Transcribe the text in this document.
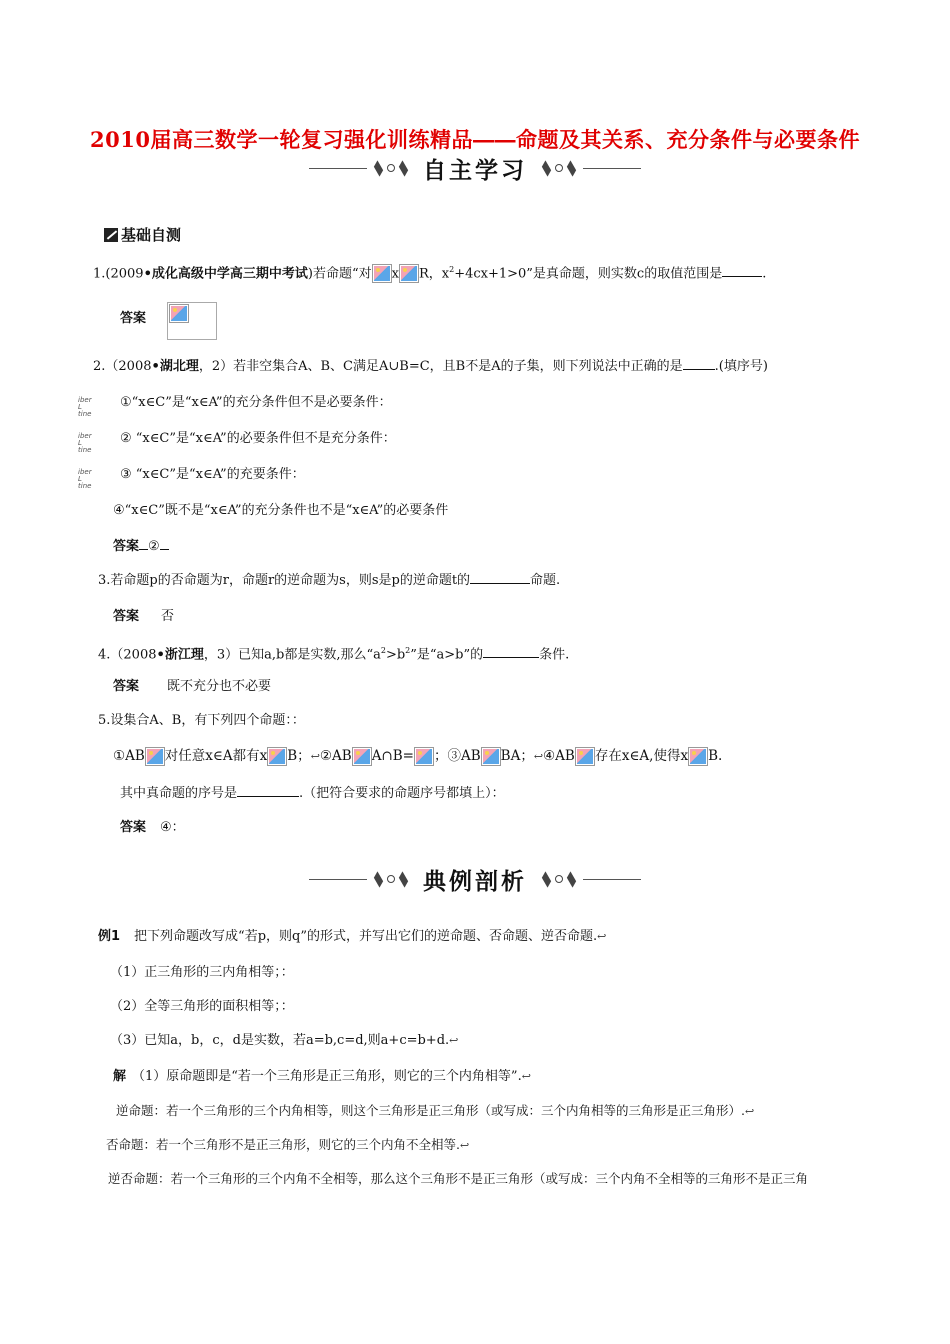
2010届高三数学一轮复习强化训练精品――命题及其关系、充分条件与必要条件
自主学习
基础自测
1.(2009•成化高级中学高三期中考试)若命题“对 x R，$x^2+4cx+1>0$”是真命题，则实数c的取值范围是	.
$_{答案}$
2.（2008•湖北理，2）若非空集合A、B、C满足A∪B=C，且B不是A的子集，则下列说法中正确的是 .(填序号)
iber
L
tine
①“x∈C”是“x∈A”的充分条件但不是必要条件：
iber
L
tine
② “x∈C”是“x∈A”的必要条件但不是充分条件：
iber
L
tine
③ “x∈C”是“x∈A”的充要条件：
④“x∈C”既不是“x∈A”的充分条件也不是“x∈A”的必要条件
答案 ②
3.若命题p的否命题为r，命题r的逆命题为s，则s是p的逆命题t的	命题.
答案 否
4.（2008•浙江理，3）已知a,b都是实数,那么“$a^2>b^2$”是“a>b”的	条件.
答案 既不充分也不必要
5.设集合A、B，有下列四个命题：：
①AB 对任意x∈A都有x B；↩②AB A∩B= ；③AB BA；↩④AB 存在x∈A,使得x B.
其中真命题的序号是	.（把符合要求的命题序号都填上）：
答案 ④：
典例剖析
例1 把下列命题改写成“若p，则q”的形式，并写出它们的逆命题、否命题、逆否命题.↩
（1）正三角形的三内角相等；：
（2）全等三角形的面积相等；：
（3）已知a，b，c，d是实数，若a=b,c=d,则a+c=b+d.↩
解 （1）原命题即是“若一个三角形是正三角形，则它的三个内角相等”.↩
逆命题：若一个三角形的三个内角相等，则这个三角形是正三角形（或写成：三个内角相等的三角形是正三角形）.↩
否命题：若一个三角形不是正三角形，则它的三个内角不全相等.↩
逆否命题：若一个三角形的三个内角不全相等，那么这个三角形不是正三角形（或写成：三个内角不全相等的三角形不是正三角
